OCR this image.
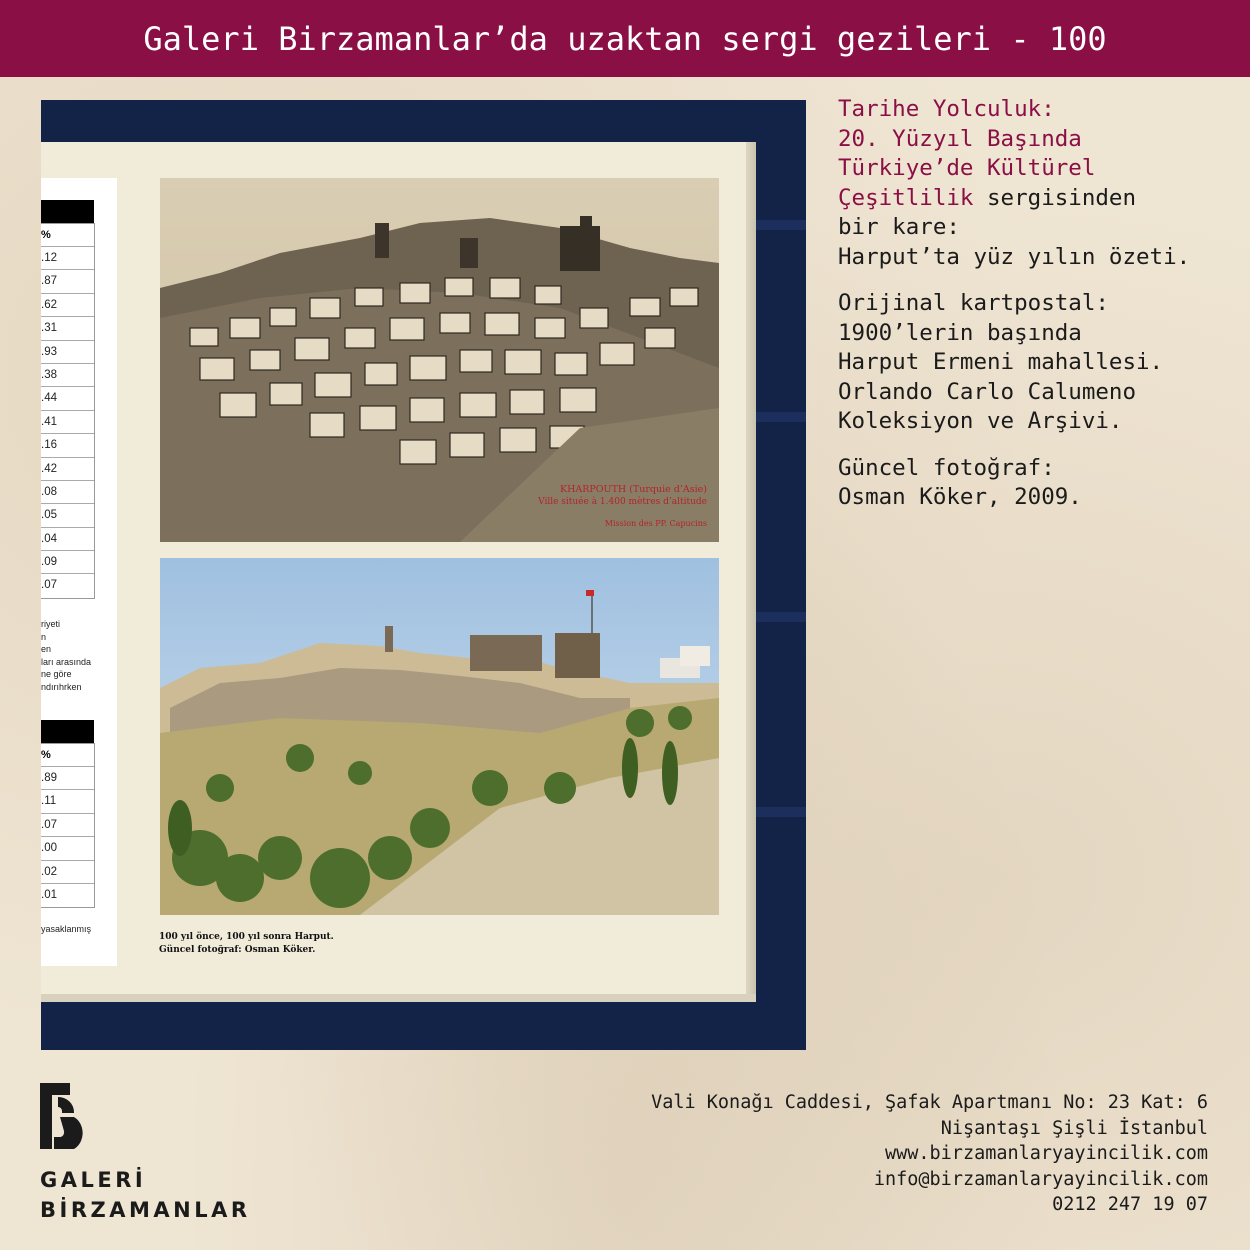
Galeri Birzamanlar’da uzaktan sergi gezileri - 100
%
.12
.87
.62
.31
.93
.38
.44
.41
.16
.42
.08
.05
.04
.09
.07
riyeti
n
en
ları arasında
ne göre
ndırıhrken
%
.89
.11
.07
.00
.02
.01
yasaklanmış
KHARPOUTH (Turquie d’Asie)
Ville située à 1.400 mètres d’altitude
Mission des PP. Capucins
100 yıl önce, 100 yıl sonra Harput.
Güncel fotoğraf: Osman Köker.

Tarihe Yolculuk:
20. Yüzyıl Başında
Türkiye’de Kültürel
Çeşitlilik sergisinden
bir kare:
Harput’ta yüz yılın özeti.

Orijinal kartpostal:
1900’lerin başında
Harput Ermeni mahallesi.
Orlando Carlo Calumeno
Koleksiyon ve Arşivi.

Güncel fotoğraf:
Osman Köker, 2009.

GALERİ
BİRZAMANLAR
Vali Konağı Caddesi, Şafak Apartmanı No: 23 Kat: 6
Nişantaşı Şişli İstanbul
www.birzamanlaryayincilik.com
info@birzamanlaryayincilik.com
0212 247 19 07
